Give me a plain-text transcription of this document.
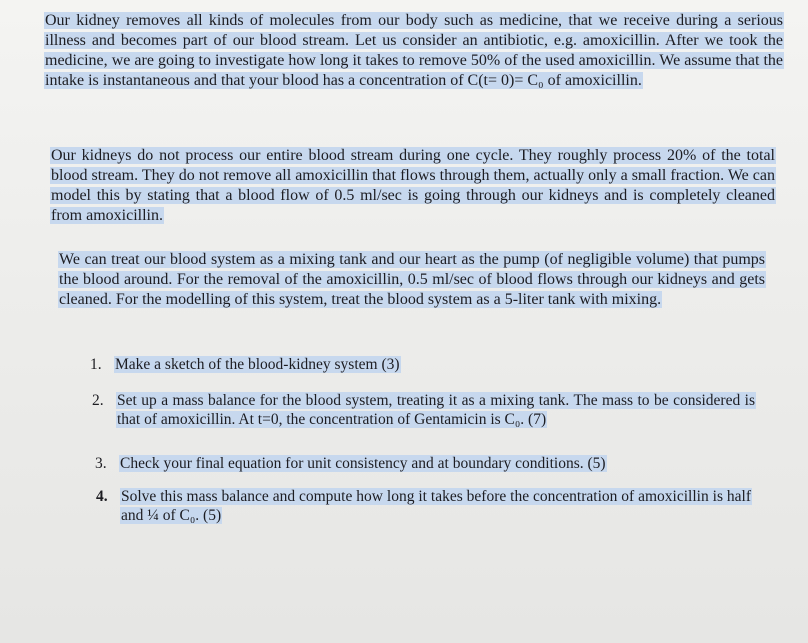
Our kidney removes all kinds of molecules from our body such as medicine, that we receive during a serious illness and becomes part of our blood stream. Let us consider an antibiotic, e.g. amoxicillin. After we took the medicine, we are going to investigate how long it takes to remove 50% of the used amoxicillin. We assume that the intake is instantaneous and that your blood has a concentration of C(t= 0)= C₀ of amoxicillin.

Our kidneys do not process our entire blood stream during one cycle. They roughly process 20% of the total blood stream. They do not remove all amoxicillin that flows through them, actually only a small fraction. We can model this by stating that a blood flow of 0.5 ml/sec is going through our kidneys and is completely cleaned from amoxicillin.

We can treat our blood system as a mixing tank and our heart as the pump (of negligible volume) that pumps the blood around. For the removal of the amoxicillin, 0.5 ml/sec of blood flows through our kidneys and gets cleaned. For the modelling of this system, treat the blood system as a 5-liter tank with mixing.

1. Make a sketch of the blood-kidney system (3)
2. Set up a mass balance for the blood system, treating it as a mixing tank. The mass to be considered is that of amoxicillin. At t=0, the concentration of Gentamicin is C₀. (7)
3. Check your final equation for unit consistency and at boundary conditions. (5)
4. Solve this mass balance and compute how long it takes before the concentration of amoxicillin is half and ¼ of C₀. (5)
